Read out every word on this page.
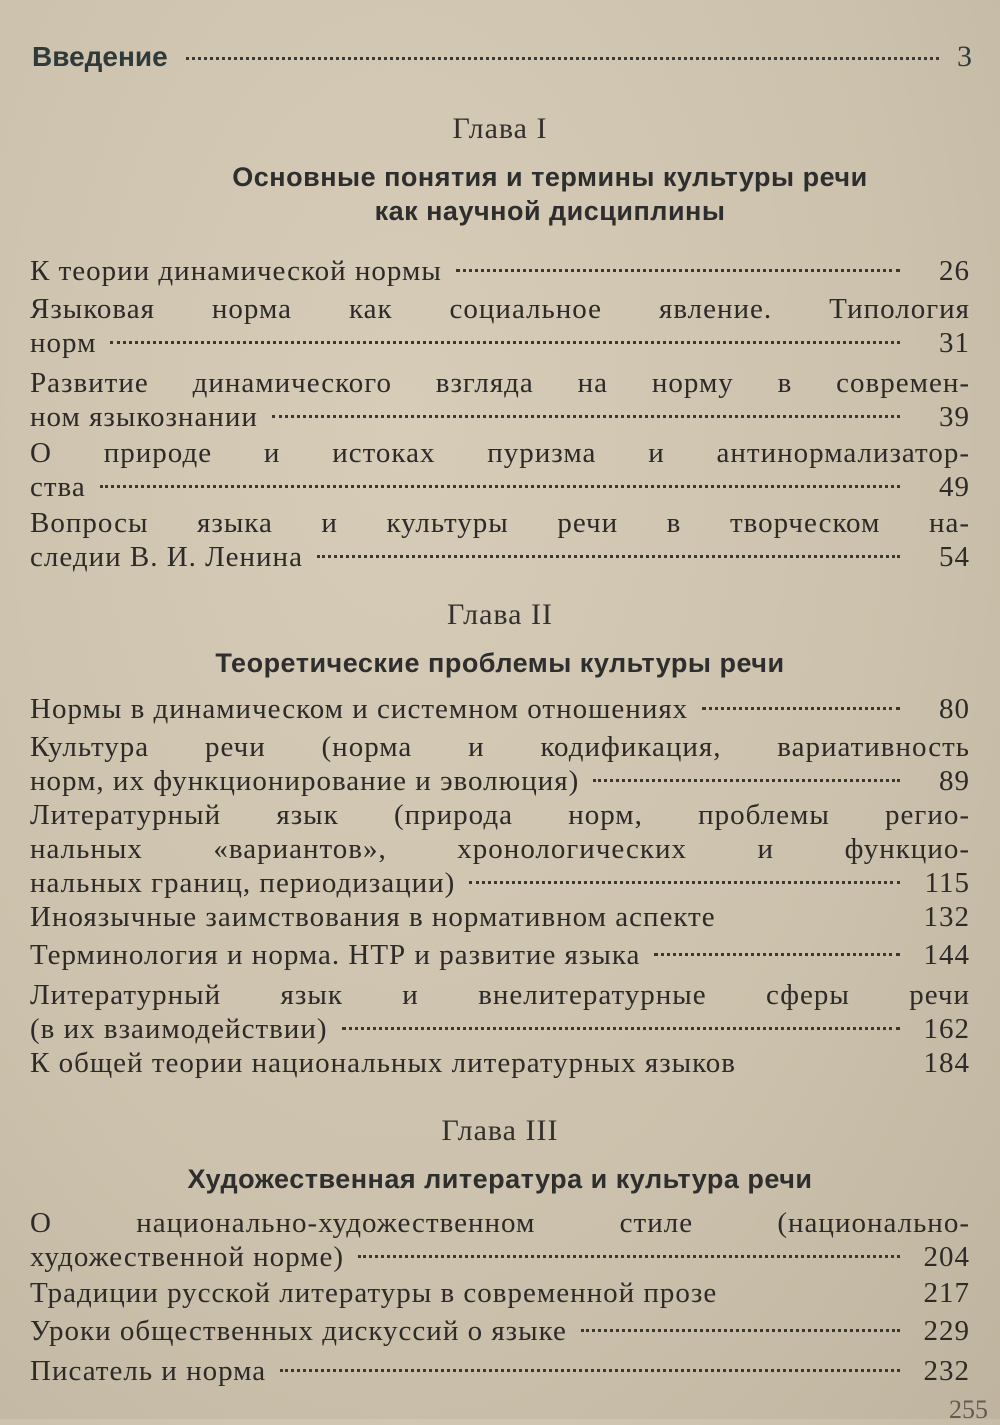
Введение	3
Глава I
Основные понятия и термины культуры речи
как научной дисциплины
К теории динамической нормы	26
Языковая норма как социальное явление. Типология
норм	31
Развитие динамического взгляда на норму в современ-
ном языкознании	39
О природе и истоках пуризма и антинормализатор-
ства	49
Вопросы языка и культуры речи в творческом на-
следии В. И. Ленина	54
Глава II
Теоретические проблемы культуры речи
Нормы в динамическом и системном отношениях	80
Культура речи (норма и кодификация, вариативность
норм, их функционирование и эволюция)	89
Литературный язык (природа норм, проблемы регио-
нальных «вариантов», хронологических и функцио-
нальных границ, периодизации)	115
Иноязычные заимствования в нормативном аспекте	132
Терминология и норма. НТР и развитие языка	144
Литературный язык и внелитературные сферы речи
(в их взаимодействии)	162
К общей теории национальных литературных языков	184
Глава III
Художественная литература и культура речи
О национально-художественном стиле (национально-
художественной норме)	204
Традиции русской литературы в современной прозе	217
Уроки общественных дискуссий о языке	229
Писатель и норма	232
255
